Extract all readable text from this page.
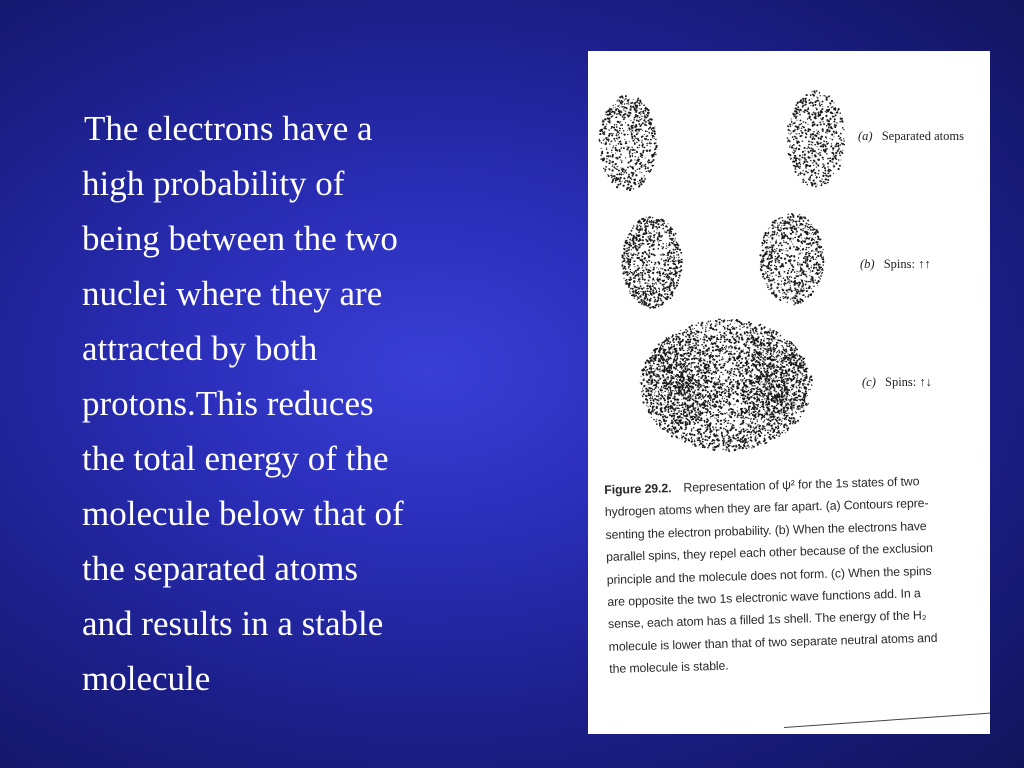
The electrons have a
high probability of
being between the two
nuclei where they are
attracted by both
protons.This reduces
the total energy of the
molecule below that of
the separated atoms
and results in a stable
molecule
(a) Separated atoms
(b) Spins: ↑↑
(c) Spins: ↑↓
Figure 29.2. Representation of ψ² for the 1s states of two
hydrogen atoms when they are far apart. (a) Contours repre-
senting the electron probability. (b) When the electrons have
parallel spins, they repel each other because of the exclusion
principle and the molecule does not form. (c) When the spins
are opposite the two 1s electronic wave functions add. In a
sense, each atom has a filled 1s shell. The energy of the H₂
molecule is lower than that of two separate neutral atoms and
the molecule is stable.
